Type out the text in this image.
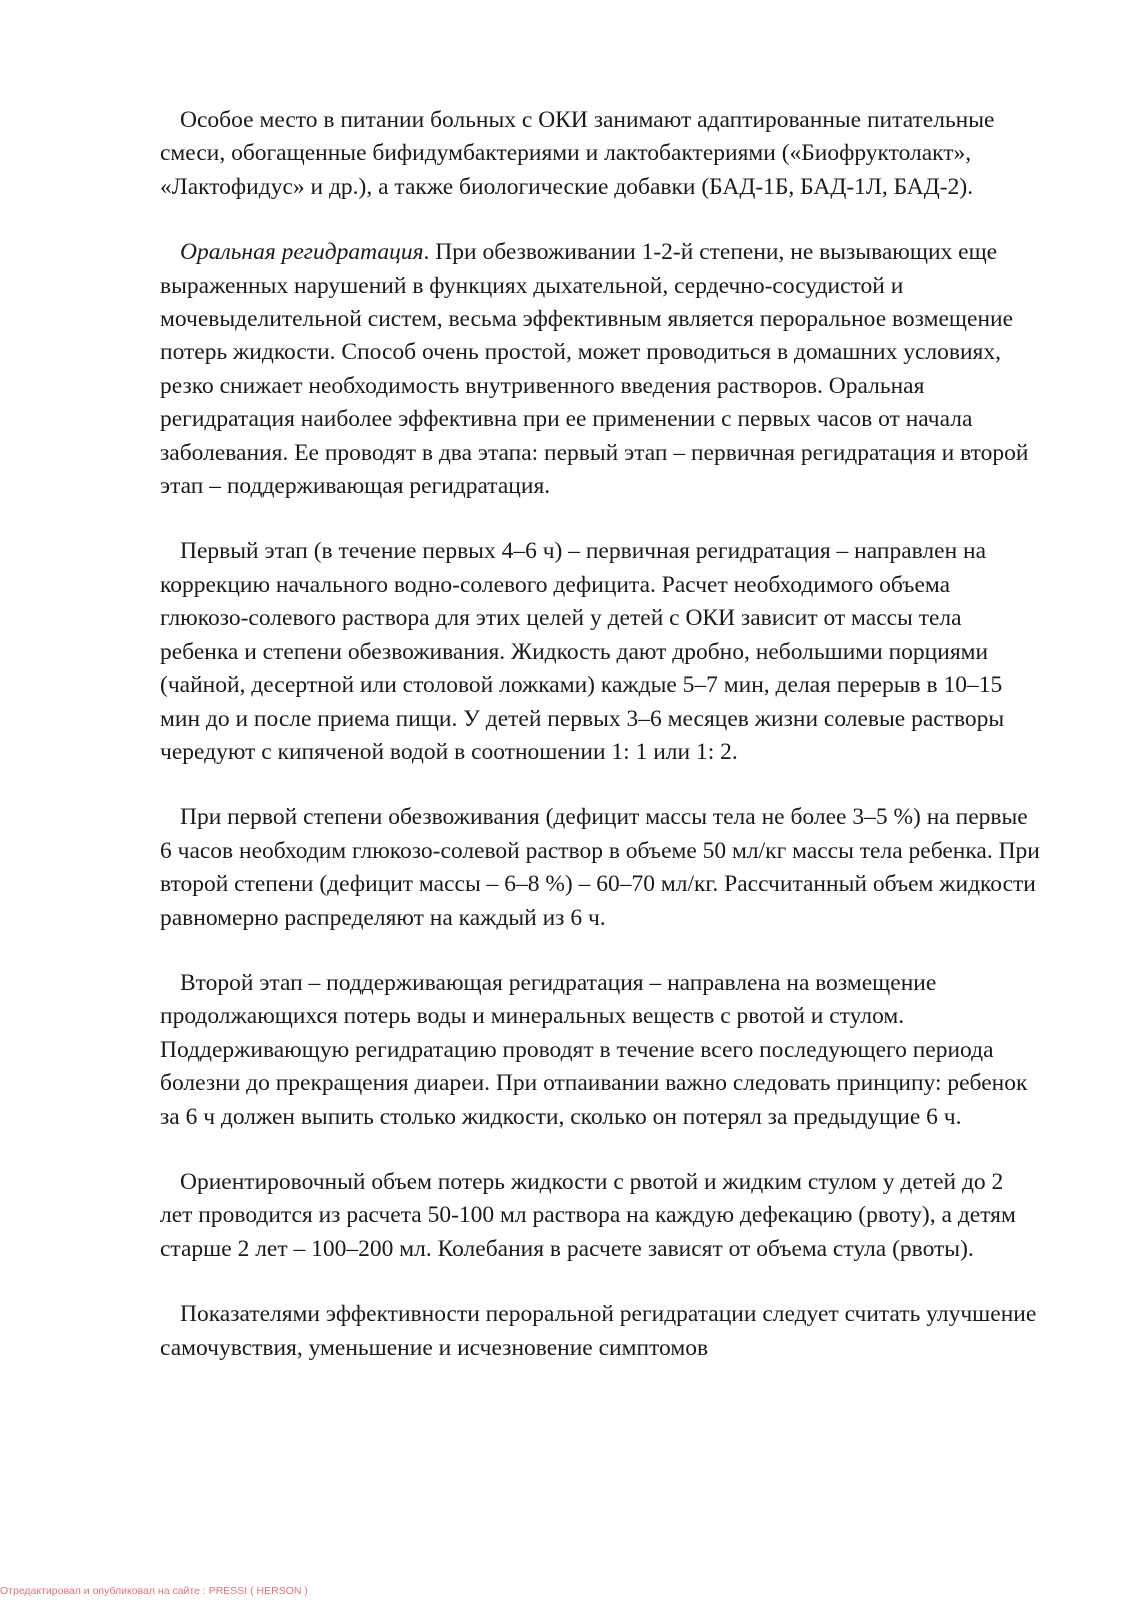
Особое место в питании больных с ОКИ занимают адаптированные питательные смеси, обогащенные бифидумбактериями и лактобактериями («Биофруктолакт», «Лактофидус» и др.), а также биологические добавки (БАД-1Б, БАД-1Л, БАД-2).

Оральная регидратация. При обезвоживании 1-2-й степени, не вызывающих еще выраженных нарушений в функциях дыхательной, сердечно-сосудистой и мочевыделительной систем, весьма эффективным является пероральное возмещение потерь жидкости. Способ очень простой, может проводиться в домашних условиях, резко снижает необходимость внутривенного введения растворов. Оральная регидратация наиболее эффективна при ее применении с первых часов от начала заболевания. Ее проводят в два этапа: первый этап – первичная регидратация и второй этап – поддерживающая регидратация.

Первый этап (в течение первых 4–6 ч) – первичная регидратация – направлен на коррекцию начального водно-солевого дефицита. Расчет необходимого объема глюкозо-солевого раствора для этих целей у детей с ОКИ зависит от массы тела ребенка и степени обезвоживания. Жидкость дают дробно, небольшими порциями (чайной, десертной или столовой ложками) каждые 5–7 мин, делая перерыв в 10–15 мин до и после приема пищи. У детей первых 3–6 месяцев жизни солевые растворы чередуют с кипяченой водой в соотношении 1: 1 или 1: 2.

При первой степени обезвоживания (дефицит массы тела не более 3–5 %) на первые 6 часов необходим глюкозо-солевой раствор в объеме 50 мл/кг массы тела ребенка. При второй степени (дефицит массы – 6–8 %) – 60–70 мл/кг. Рассчитанный объем жидкости равномерно распределяют на каждый из 6 ч.

Второй этап – поддерживающая регидратация – направлена на возмещение продолжающихся потерь воды и минеральных веществ с рвотой и стулом. Поддерживающую регидратацию проводят в течение всего последующего периода болезни до прекращения диареи. При отпаивании важно следовать принципу: ребенок за 6 ч должен выпить столько жидкости, сколько он потерял за предыдущие 6 ч.

Ориентировочный объем потерь жидкости с рвотой и жидким стулом у детей до 2 лет проводится из расчета 50-100 мл раствора на каждую дефекацию (рвоту), а детям старше 2 лет – 100–200 мл. Колебания в расчете зависят от объема стула (рвоты).

Показателями эффективности пероральной регидратации следует считать улучшение самочувствия, уменьшение и исчезновение симптомов

Отредактировал и опубликовал на сайте : PRESSI ( HERSON )
